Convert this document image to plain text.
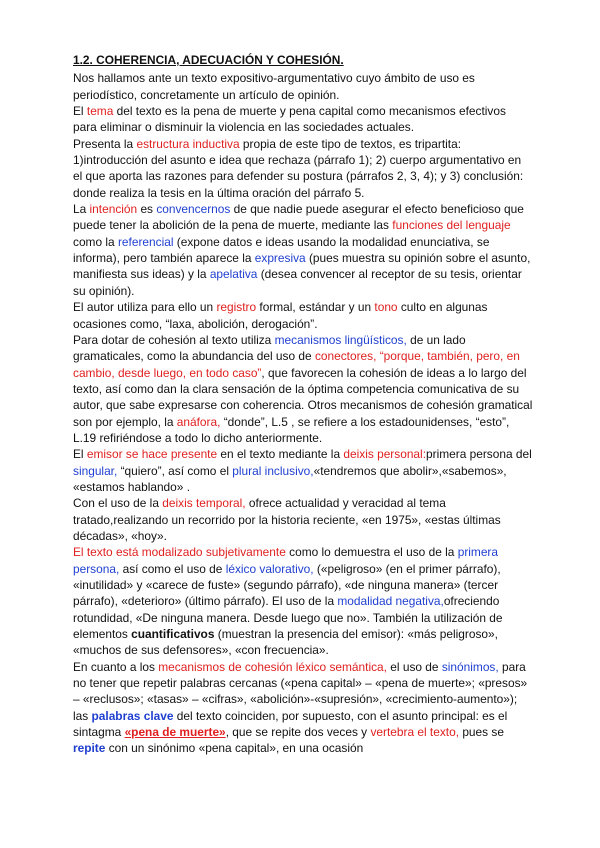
1.2. COHERENCIA, ADECUACIÓN Y COHESIÓN.

Nos hallamos ante un texto expositivo-argumentativo cuyo ámbito de uso es periodístico, concretamente un artículo de opinión.

El tema del texto es la pena de muerte y pena capital como mecanismos efectivos para eliminar o disminuir la violencia en las sociedades actuales.

Presenta la estructura inductiva propia de este tipo de textos, es tripartita: 1)introducción del asunto e idea que rechaza (párrafo 1); 2) cuerpo argumentativo en el que aporta las razones para defender su postura (párrafos 2, 3, 4); y 3) conclusión: donde realiza la tesis en la última oración del párrafo 5.

La intención es convencernos de que nadie puede asegurar el efecto beneficioso que puede tener la abolición de la pena de muerte, mediante las funciones del lenguaje como la referencial (expone datos e ideas usando la modalidad enunciativa, se informa), pero también aparece la expresiva (pues muestra su opinión sobre el asunto, manifiesta sus ideas) y la apelativa (desea convencer al receptor de su tesis, orientar su opinión).

El autor utiliza para ello un registro formal, estándar y un tono culto en algunas ocasiones como, “laxa, abolición, derogación”.

Para dotar de cohesión al texto utiliza mecanismos lingüísticos, de un lado gramaticales, como la abundancia del uso de conectores, “porque, también, pero, en cambio, desde luego, en todo caso”, que favorecen la cohesión de ideas a lo largo del texto, así como dan la clara sensación de la óptima competencia comunicativa de su autor, que sabe expresarse con coherencia. Otros mecanismos de cohesión gramatical son por ejemplo, la anáfora, “donde”, L.5 , se refiere a los estadounidenses, “esto”, L.19 refiriéndose a todo lo dicho anteriormente.

El emisor se hace presente en el texto mediante la deixis personal:primera persona del singular, “quiero”, así como el plural inclusivo,«tendremos que abolir»,«sabemos», «estamos hablando» .

Con el uso de la deixis temporal, ofrece actualidad y veracidad al tema tratado,realizando un recorrido por la historia reciente, «en 1975», «estas últimas décadas», «hoy».

El texto está modalizado subjetivamente como lo demuestra el uso de la primera persona, así como el uso de léxico valorativo, («peligroso» (en el primer párrafo), «inutilidad» y «carece de fuste» (segundo párrafo), «de ninguna manera» (tercer párrafo), «deterioro» (último párrafo). El uso de la modalidad negativa,ofreciendo rotundidad, «De ninguna manera. Desde luego que no». También la utilización de elementos cuantificativos (muestran la presencia del emisor): «más peligroso», «muchos de sus defensores», «con frecuencia».

En cuanto a los mecanismos de cohesión léxico semántica, el uso de sinónimos, para no tener que repetir palabras cercanas («pena capital» – «pena de muerte»; «presos» – «reclusos»; «tasas» – «cifras», «abolición»-«supresión», «crecimiento-aumento»); las palabras clave del texto coinciden, por supuesto, con el asunto principal: es el sintagma «pena de muerte», que se repite dos veces y vertebra el texto, pues se repite con un sinónimo «pena capital», en una ocasión
